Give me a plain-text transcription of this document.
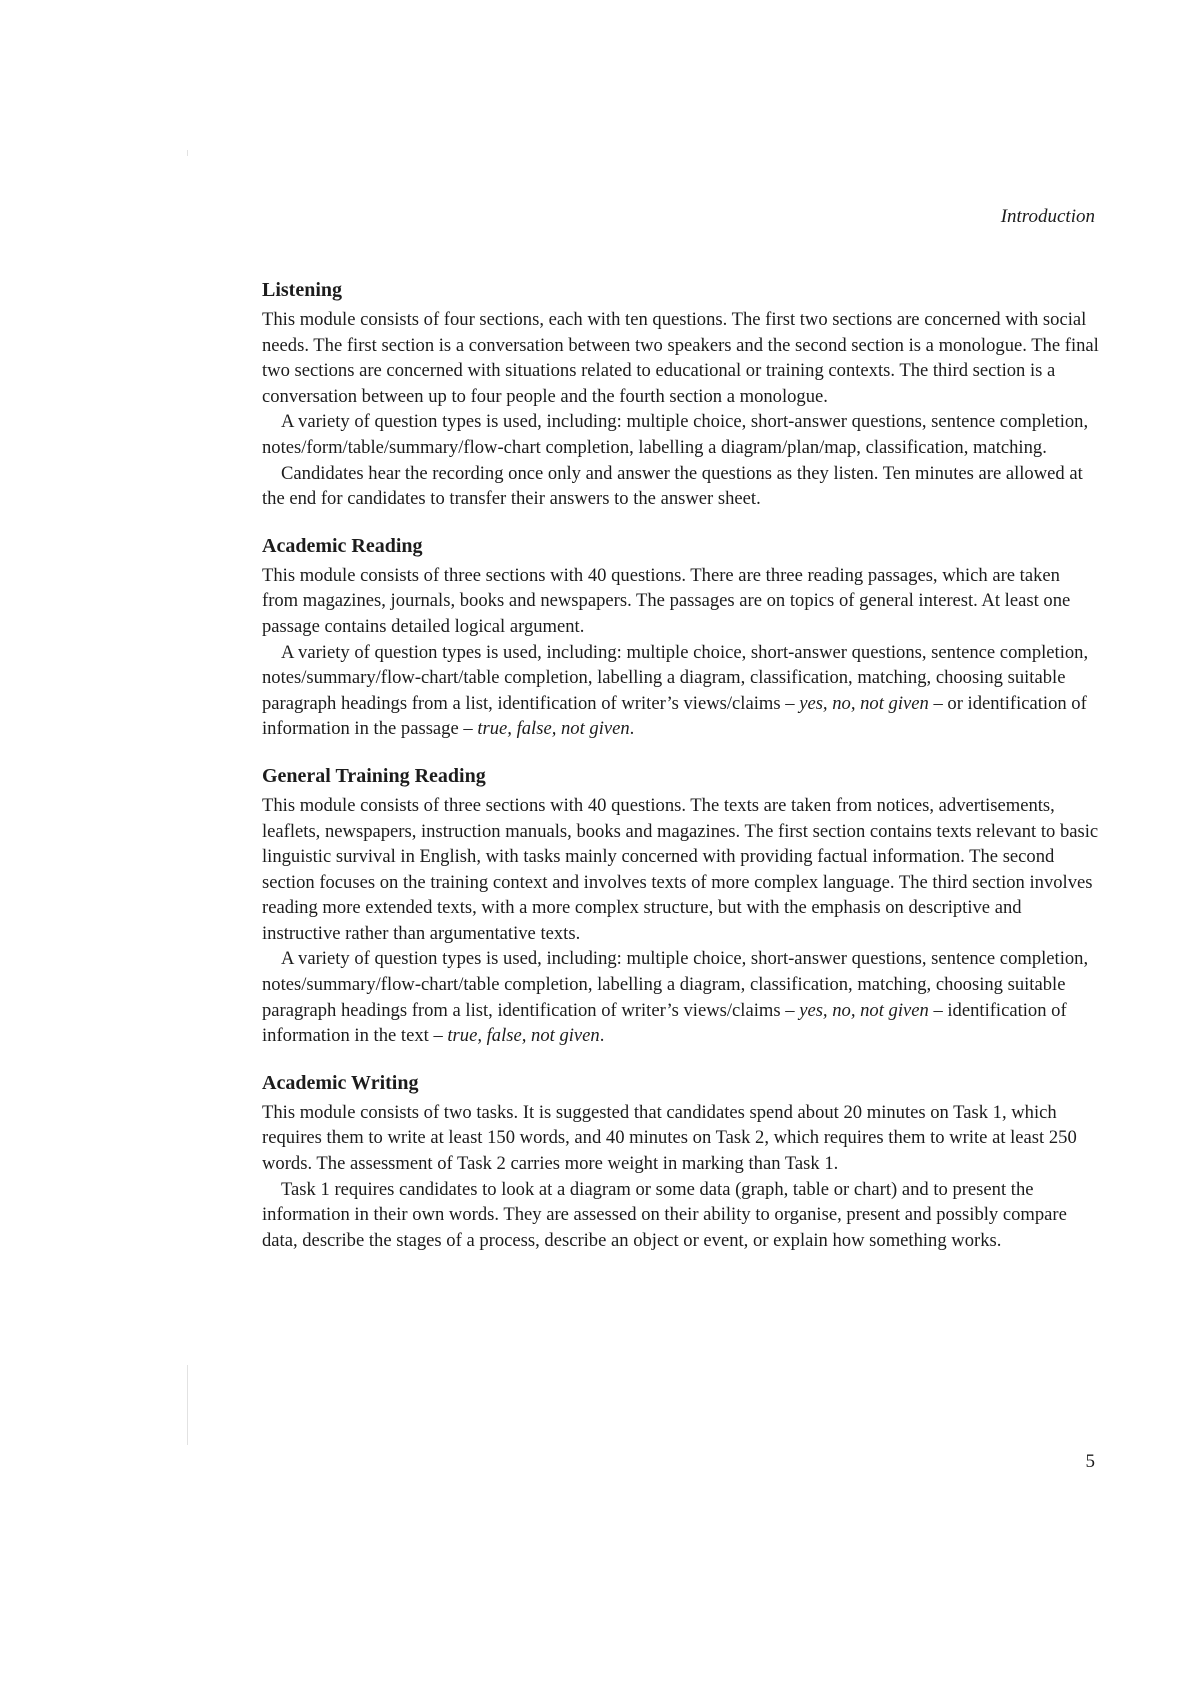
Introduction
Listening

This module consists of four sections, each with ten questions. The first two sections are concerned with social needs. The first section is a conversation between two speakers and the second section is a monologue. The final two sections are concerned with situations related to educational or training contexts. The third section is a conversation between up to four people and the fourth section a monologue.

A variety of question types is used, including: multiple choice, short-answer questions, sentence completion, notes/form/table/summary/flow-chart completion, labelling a diagram/plan/map, classification, matching.

Candidates hear the recording once only and answer the questions as they listen. Ten minutes are allowed at the end for candidates to transfer their answers to the answer sheet.

Academic Reading

This module consists of three sections with 40 questions. There are three reading passages, which are taken from magazines, journals, books and newspapers. The passages are on topics of general interest. At least one passage contains detailed logical argument.

A variety of question types is used, including: multiple choice, short-answer questions, sentence completion, notes/summary/flow-chart/table completion, labelling a diagram, classification, matching, choosing suitable paragraph headings from a list, identification of writer’s views/claims – yes, no, not given – or identification of information in the passage – true, false, not given.

General Training Reading

This module consists of three sections with 40 questions. The texts are taken from notices, advertisements, leaflets, newspapers, instruction manuals, books and magazines. The first section contains texts relevant to basic linguistic survival in English, with tasks mainly concerned with providing factual information. The second section focuses on the training context and involves texts of more complex language. The third section involves reading more extended texts, with a more complex structure, but with the emphasis on descriptive and instructive rather than argumentative texts.

A variety of question types is used, including: multiple choice, short-answer questions, sentence completion, notes/summary/flow-chart/table completion, labelling a diagram, classification, matching, choosing suitable paragraph headings from a list, identification of writer’s views/claims – yes, no, not given – identification of information in the text – true, false, not given.

Academic Writing

This module consists of two tasks. It is suggested that candidates spend about 20 minutes on Task 1, which requires them to write at least 150 words, and 40 minutes on Task 2, which requires them to write at least 250 words. The assessment of Task 2 carries more weight in marking than Task 1.

Task 1 requires candidates to look at a diagram or some data (graph, table or chart) and to present the information in their own words. They are assessed on their ability to organise, present and possibly compare data, describe the stages of a process, describe an object or event, or explain how something works.

5
